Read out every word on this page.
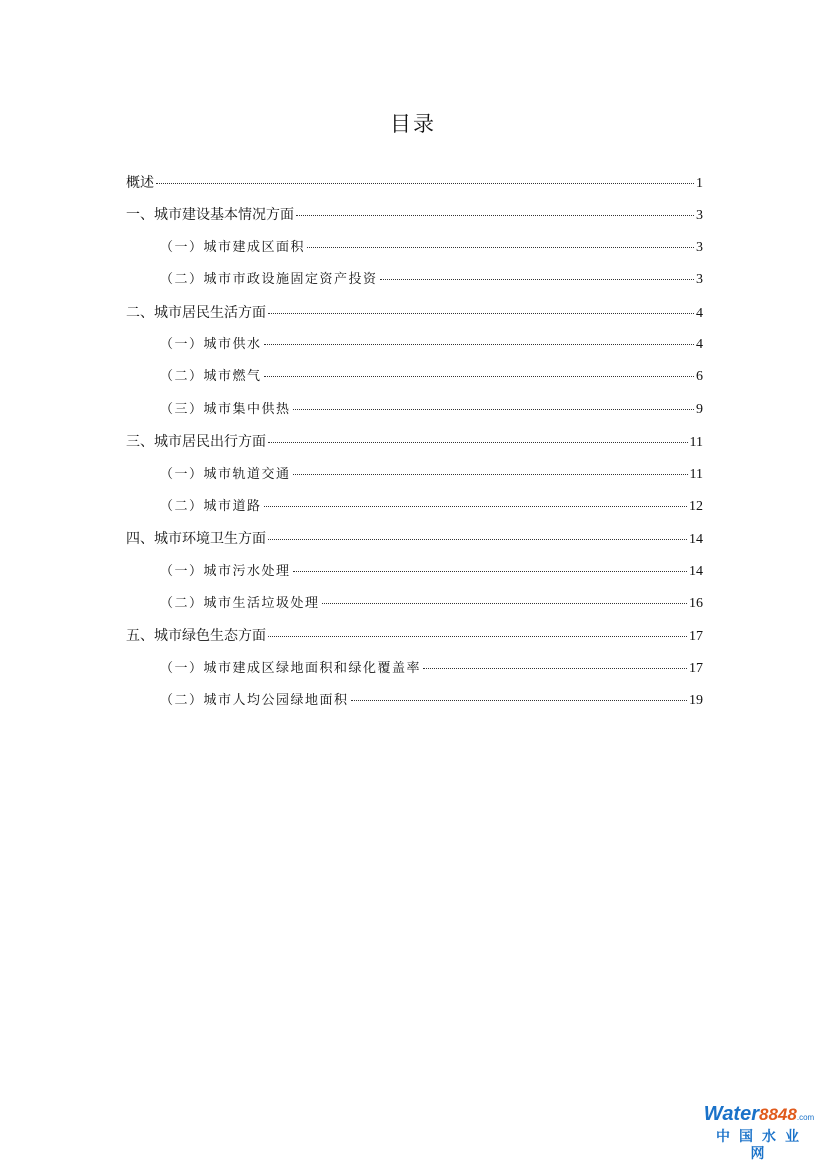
目录
概述	1
一、城市建设基本情况方面	3
（一）城市建成区面积	3
（二）城市市政设施固定资产投资	3
二、城市居民生活方面	4
（一）城市供水	4
（二）城市燃气	6
（三）城市集中供热	9
三、城市居民出行方面	11
（一）城市轨道交通	11
（二）城市道路	12
四、城市环境卫生方面	14
（一）城市污水处理	14
（二）城市生活垃圾处理	16
五、城市绿色生态方面	17
（一）城市建成区绿地面积和绿化覆盖率	17
（二）城市人均公园绿地面积	19
Water8848.com
中国水业网
